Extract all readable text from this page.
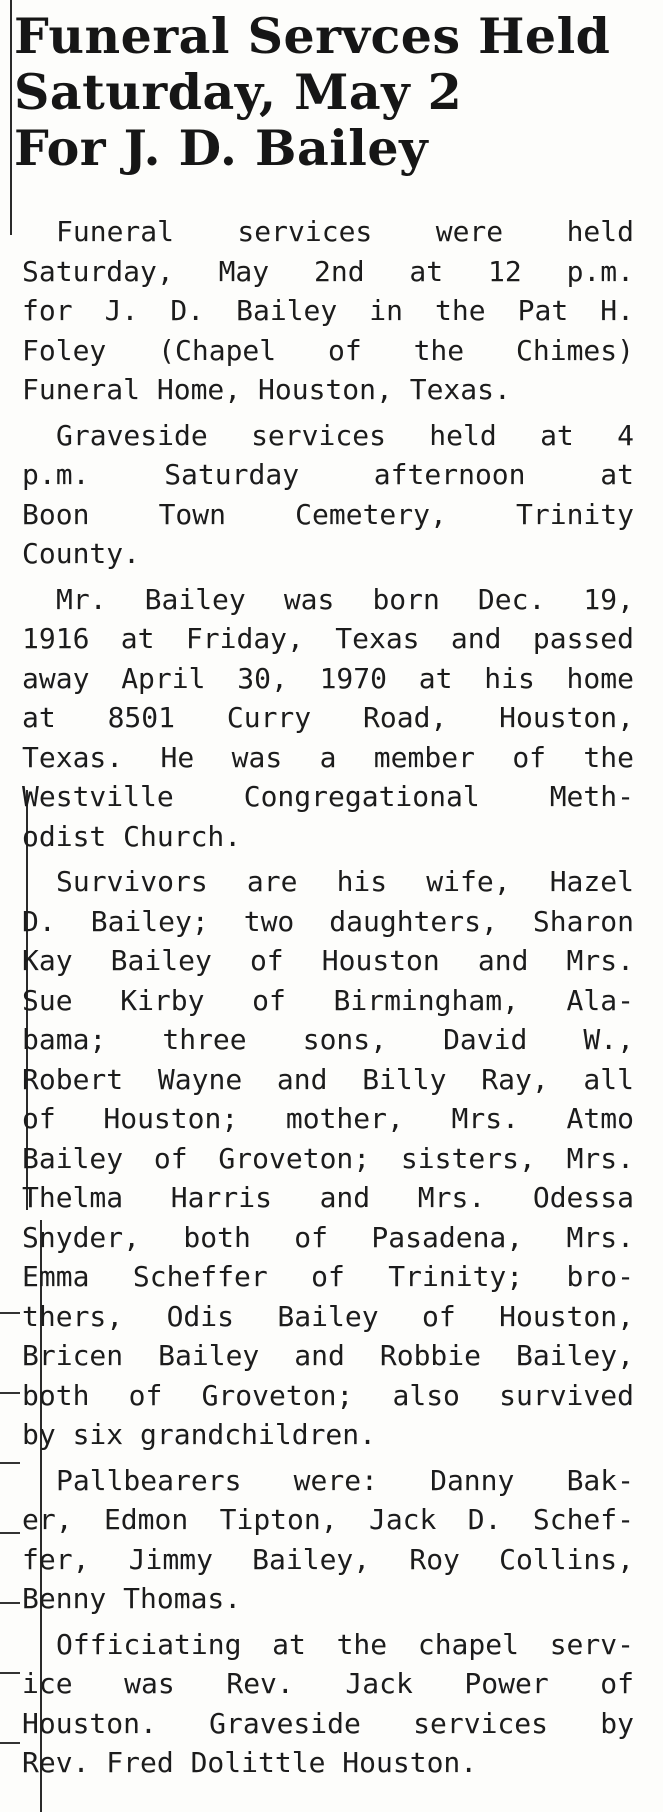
Funeral Servces Held
Saturday, May 2
For J. D. Bailey
Funeral services were held
Saturday, May 2nd at 12 p.m.
for J. D. Bailey in the Pat H.
Foley (Chapel of the Chimes)
Funeral Home, Houston, Texas.
Graveside services held at 4
p.m. Saturday afternoon at
Boon Town Cemetery, Trinity
County.
Mr. Bailey was born Dec. 19,
1916 at Friday, Texas and passed
away April 30, 1970 at his home
at 8501 Curry Road, Houston,
Texas. He was a member of the
Westville Congregational Meth-
odist Church.
Survivors are his wife, Hazel
D. Bailey; two daughters, Sharon
Kay Bailey of Houston and Mrs.
Sue Kirby of Birmingham, Ala-
bama; three sons, David W.,
Robert Wayne and Billy Ray, all
of Houston; mother, Mrs. Atmo
Bailey of Groveton; sisters, Mrs.
Thelma Harris and Mrs. Odessa
Snyder, both of Pasadena, Mrs.
Emma Scheffer of Trinity; bro-
thers, Odis Bailey of Houston,
Bricen Bailey and Robbie Bailey,
both of Groveton; also survived
by six grandchildren.
Pallbearers were: Danny Bak-
er, Edmon Tipton, Jack D. Schef-
fer, Jimmy Bailey, Roy Collins,
Benny Thomas.
Officiating at the chapel serv-
ice was Rev. Jack Power of
Houston. Graveside services by
Rev. Fred Dolittle Houston.
